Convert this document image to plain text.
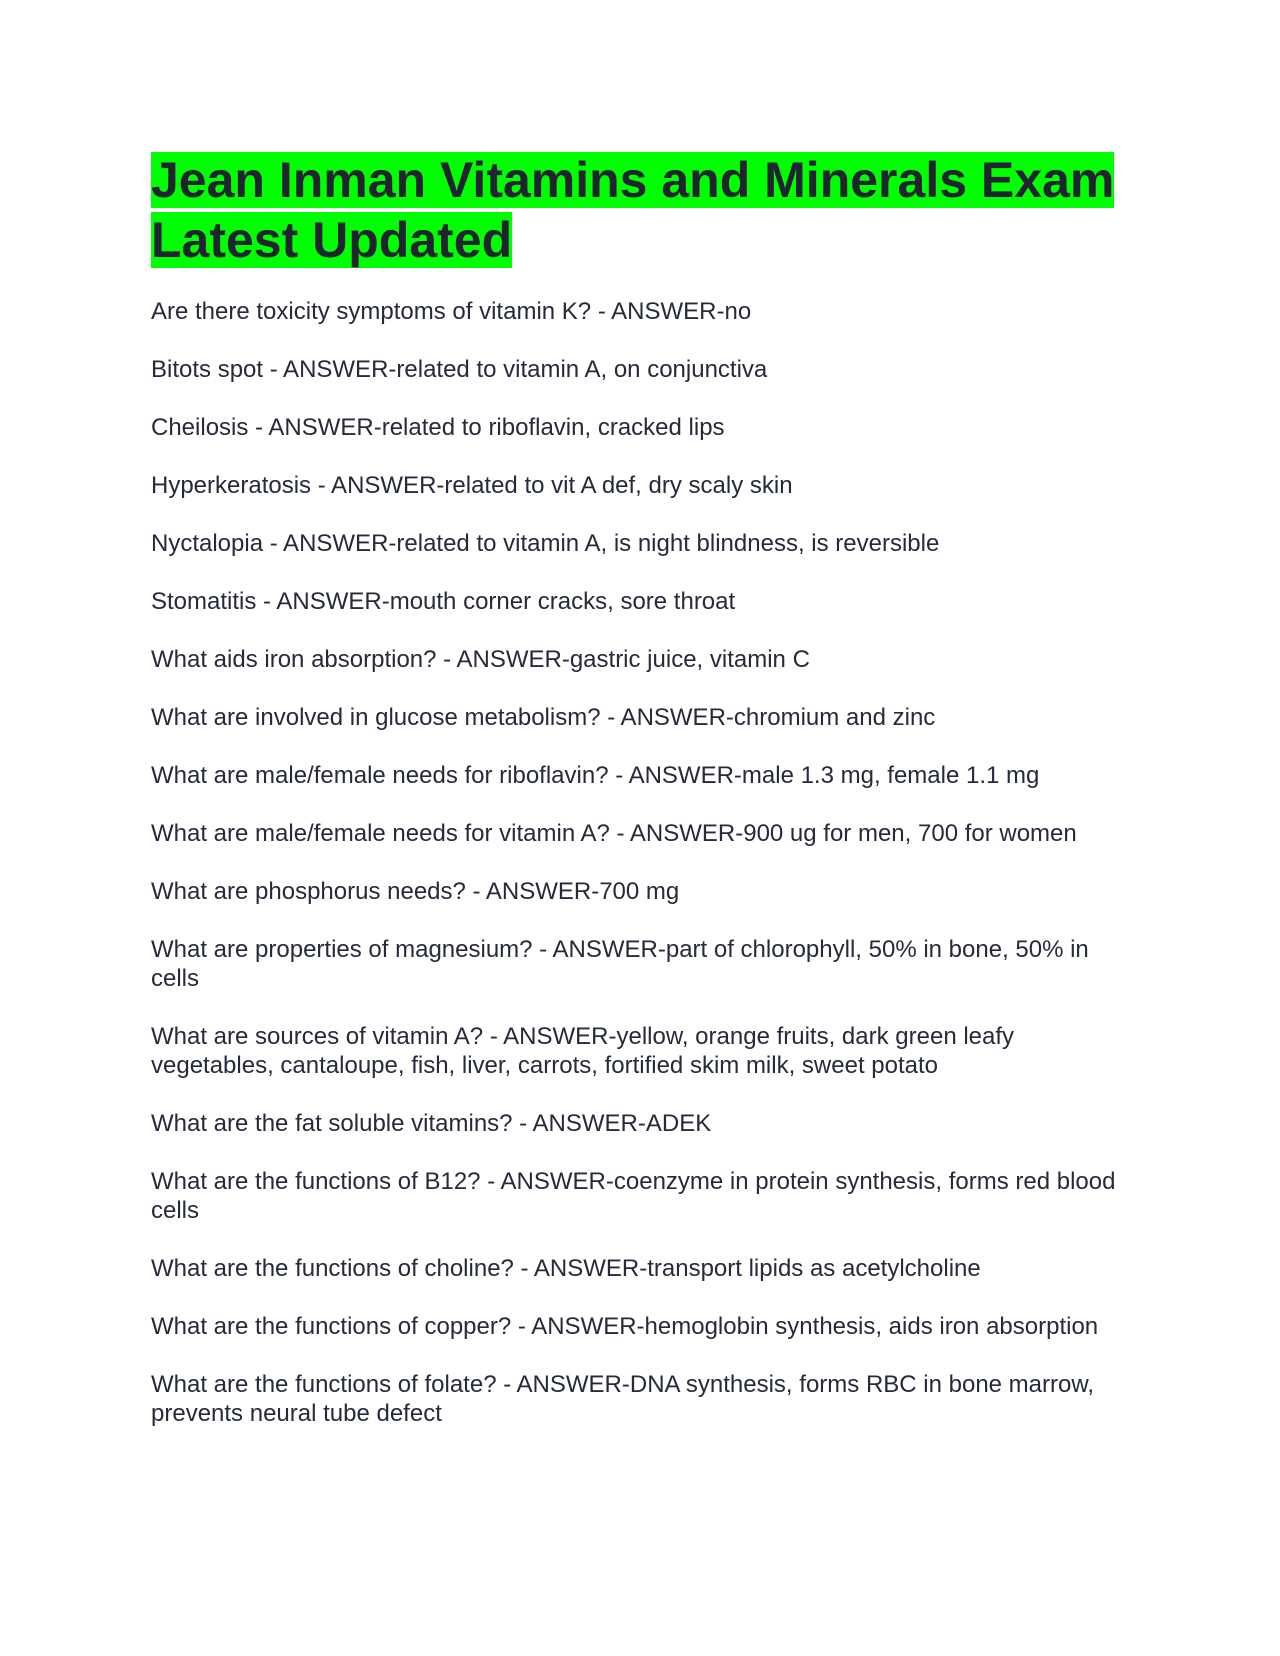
Jean Inman Vitamins and Minerals Exam Latest Updated
Are there toxicity symptoms of vitamin K? - ANSWER-no
Bitots spot - ANSWER-related to vitamin A, on conjunctiva
Cheilosis - ANSWER-related to riboflavin, cracked lips
Hyperkeratosis - ANSWER-related to vit A def, dry scaly skin
Nyctalopia - ANSWER-related to vitamin A, is night blindness, is reversible
Stomatitis - ANSWER-mouth corner cracks, sore throat
What aids iron absorption? - ANSWER-gastric juice, vitamin C
What are involved in glucose metabolism? - ANSWER-chromium and zinc
What are male/female needs for riboflavin? - ANSWER-male 1.3 mg, female 1.1 mg
What are male/female needs for vitamin A? - ANSWER-900 ug for men, 700 for women
What are phosphorus needs? - ANSWER-700 mg
What are properties of magnesium? - ANSWER-part of chlorophyll, 50% in bone, 50% in cells
What are sources of vitamin A? - ANSWER-yellow, orange fruits, dark green leafy vegetables, cantaloupe, fish, liver, carrots, fortified skim milk, sweet potato
What are the fat soluble vitamins? - ANSWER-ADEK
What are the functions of B12? - ANSWER-coenzyme in protein synthesis, forms red blood cells
What are the functions of choline? - ANSWER-transport lipids as acetylcholine
What are the functions of copper? - ANSWER-hemoglobin synthesis, aids iron absorption
What are the functions of folate? - ANSWER-DNA synthesis, forms RBC in bone marrow, prevents neural tube defect
